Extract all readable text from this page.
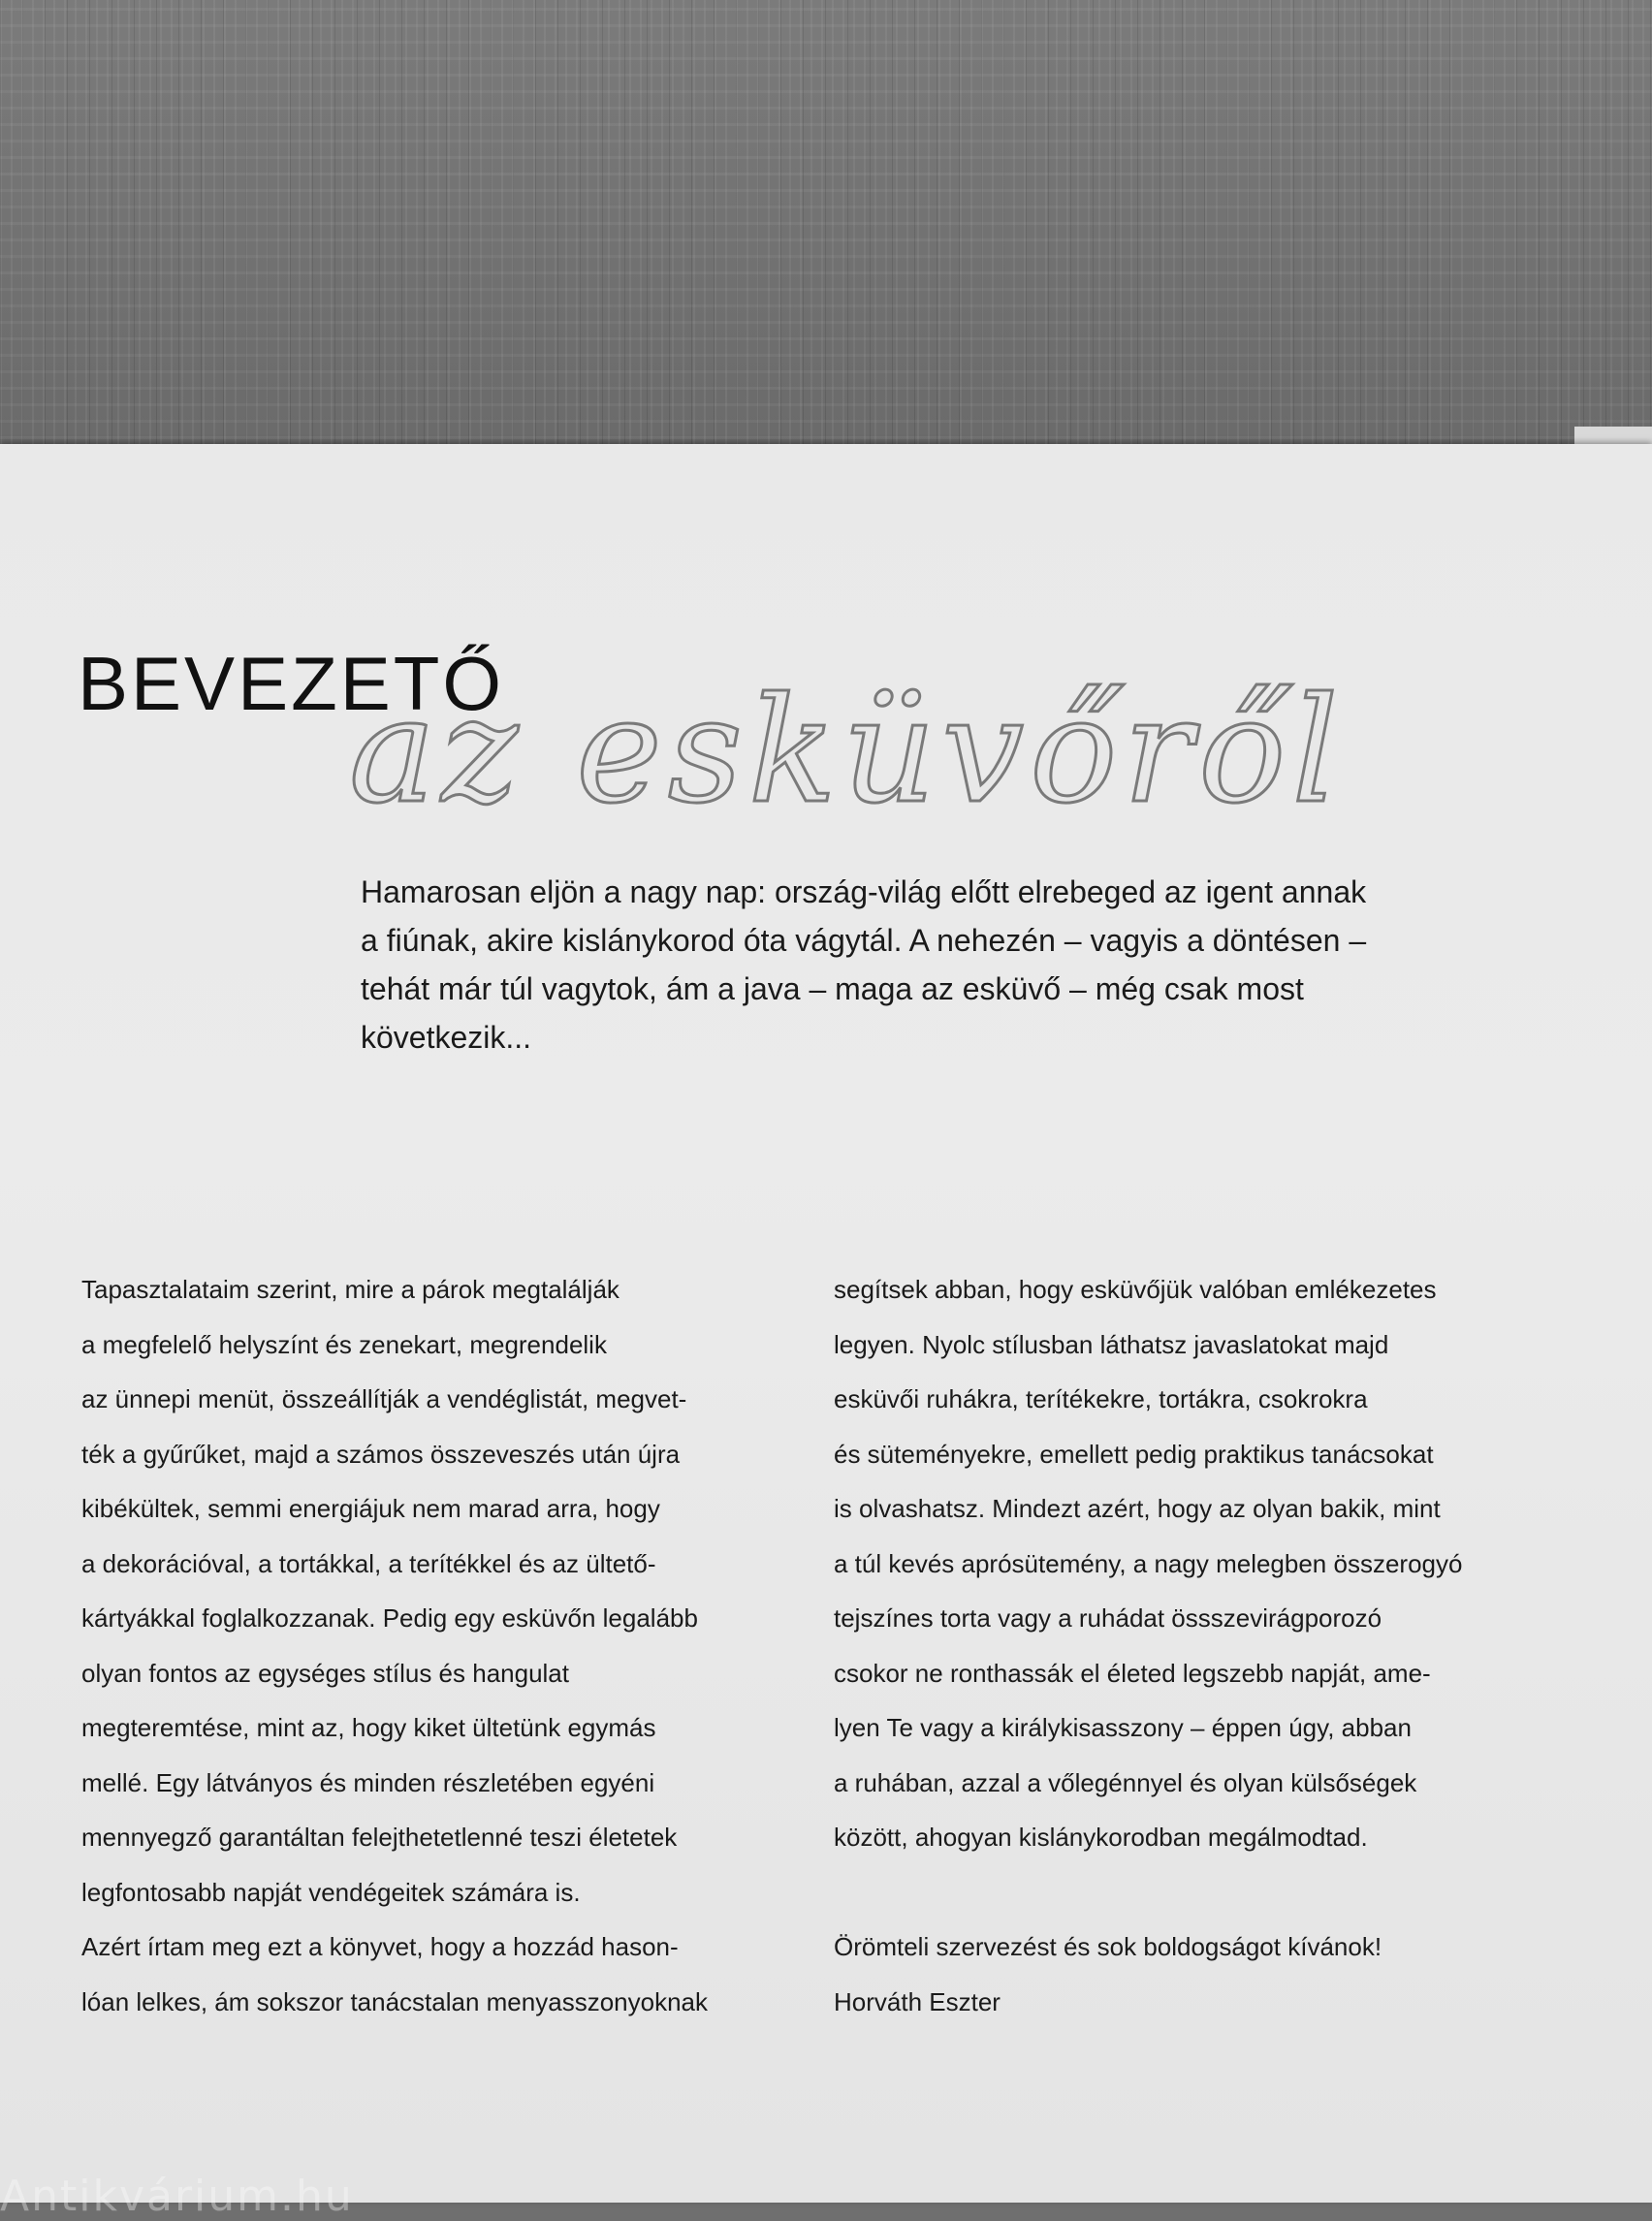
BEVEZETŐ
az esküvőről

Hamarosan eljön a nagy nap: ország-világ előtt elrebeged az igent annak a fiúnak, akire kislánykorod óta vágytál. A nehezén – vagyis a döntésen – tehát már túl vagytok, ám a java – maga az esküvő – még csak most következik...

Tapasztalataim szerint, mire a párok megtalálják

a megfelelő helyszínt és zenekart, megrendelik

az ünnepi menüt, összeállítják a vendéglistát, megvet-

ték a gyűrűket, majd a számos összeveszés után újra

kibékültek, semmi energiájuk nem marad arra, hogy

a dekorációval, a tortákkal, a terítékkel és az ültető-

kártyákkal foglalkozzanak. Pedig egy esküvőn legalább

olyan fontos az egységes stílus és hangulat

megteremtése, mint az, hogy kiket ültetünk egymás

mellé. Egy látványos és minden részletében egyéni

mennyegző garantáltan felejthetetlenné teszi életetek

legfontosabb napját vendégeitek számára is.

Azért írtam meg ezt a könyvet, hogy a hozzád hason-

lóan lelkes, ám sokszor tanácstalan menyasszonyoknak

segítsek abban, hogy esküvőjük valóban emlékezetes

legyen. Nyolc stílusban láthatsz javaslatokat majd

esküvői ruhákra, terítékekre, tortákra, csokrokra

és süteményekre, emellett pedig praktikus tanácsokat

is olvashatsz. Mindezt azért, hogy az olyan bakik, mint

a túl kevés aprósütemény, a nagy melegben összerogyó

tejszínes torta vagy a ruhádat össszevirágporozó

csokor ne ronthassák el életed legszebb napját, ame-

lyen Te vagy a királykisasszony – éppen úgy, abban

a ruhában, azzal a vőlegénnyel és olyan külsőségek

között, ahogyan kislánykorodban megálmodtad.

Örömteli szervezést és sok boldogságot kívánok!

Horváth Eszter

Antikvárium.hu
